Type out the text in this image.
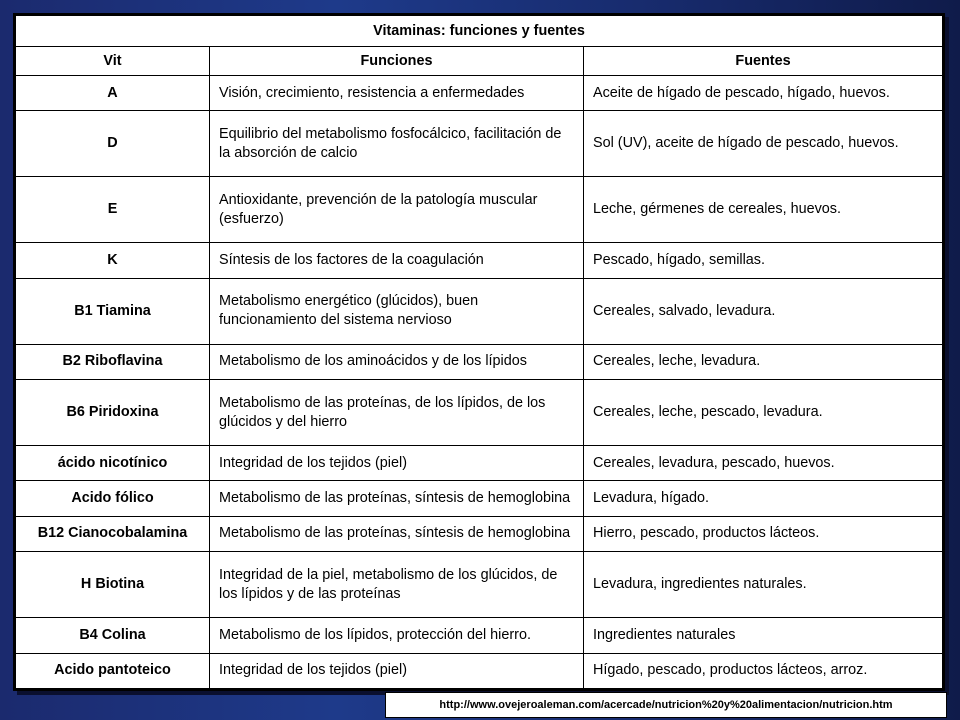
Vitaminas: funciones y fuentes		
Vit	Funciones	Fuentes
A	Visión, crecimiento, resistencia a enfermedades	Aceite de hígado de pescado, hígado, huevos.
D	Equilibrio del metabolismo fosfocálcico, facilitación de la absorción de calcio	Sol (UV), aceite de hígado de pescado, huevos.
E	Antioxidante, prevención de la patología muscular (esfuerzo)	Leche, gérmenes de cereales, huevos.
K	Síntesis de los factores de la coagulación	Pescado, hígado, semillas.
B1 Tiamina	Metabolismo energético (glúcidos), buen funcionamiento del sistema nervioso	Cereales, salvado, levadura.
B2 Riboflavina	Metabolismo de los aminoácidos y de los lípidos	Cereales, leche, levadura.
B6 Piridoxina	Metabolismo de las proteínas, de los lípidos, de los glúcidos y del hierro	Cereales, leche, pescado, levadura.
ácido nicotínico	Integridad de los tejidos (piel)	Cereales, levadura, pescado, huevos.
Acido fólico	Metabolismo de las proteínas, síntesis de hemoglobina	Levadura, hígado.
B12 Cianocobalamina	Metabolismo de las proteínas, síntesis de hemoglobina	Hierro, pescado, productos lácteos.
H Biotina	Integridad de la piel, metabolismo de los glúcidos, de los lípidos y de las proteínas	Levadura, ingredientes naturales.
B4 Colina	Metabolismo de los lípidos, protección del hierro.	Ingredientes naturales
Acido pantoteico	Integridad de los tejidos (piel)	Hígado, pescado, productos lácteos, arroz.
http://www.ovejeroaleman.com/acercade/nutricion%20y%20alimentacion/nutricion.htm
